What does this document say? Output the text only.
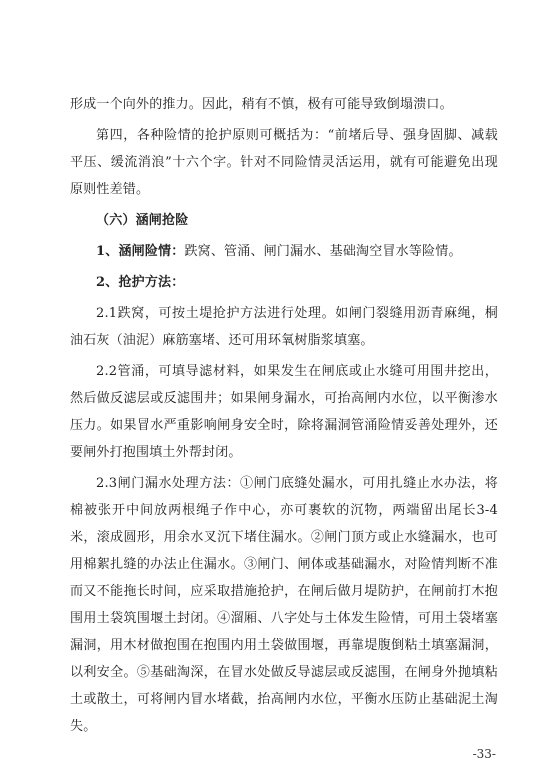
形成一个向外的推力。因此，稍有不慎，极有可能导致倒塌溃口。

第四，各种险情的抢护原则可概括为：“前堵后导、强身固脚、减载平压、缓流消浪”十六个字。针对不同险情灵活运用，就有可能避免出现原则性差错。

（六）涵闸抢险

1、涵闸险情：跌窝、管涌、闸门漏水、基础淘空冒水等险情。

2、抢护方法：

2.1跌窝，可按土堤抢护方法进行处理。如闸门裂缝用沥青麻绳，桐油石灰（油泥）麻筋塞堵、还可用环氧树脂浆填塞。

2.2管涌，可填导滤材料，如果发生在闸底或止水缝可用围井挖出，然后做反滤层或反滤围井；如果闸身漏水，可抬高闸内水位，以平衡渗水压力。如果冒水严重影响闸身安全时，除将漏洞管涌险情妥善处理外，还要闸外打抱围填土外帮封闭。

2.3闸门漏水处理方法：①闸门底缝处漏水，可用扎缝止水办法，将棉被张开中间放两根绳子作中心，亦可裹软的沉物，两端留出尾长3-4米，滚成圆形，用余水叉沉下堵住漏水。②闸门顶方或止水缝漏水，也可用棉絮扎缝的办法止住漏水。③闸门、闸体或基础漏水，对险情判断不准而又不能拖长时间，应采取措施抢护，在闸后做月堤防护，在闸前打木抱围用土袋筑围堰土封闭。④溜厢、八字处与土体发生险情，可用土袋堵塞漏洞，用木材做抱围在抱围内用土袋做围堰，再靠堤腹倒粘土填塞漏洞，以利安全。⑤基础淘深，在冒水处做反导滤层或反滤围，在闸身外抛填粘土或散土，可将闸内冒水堵截，抬高闸内水位，平衡水压防止基础泥土淘失。

-33-
